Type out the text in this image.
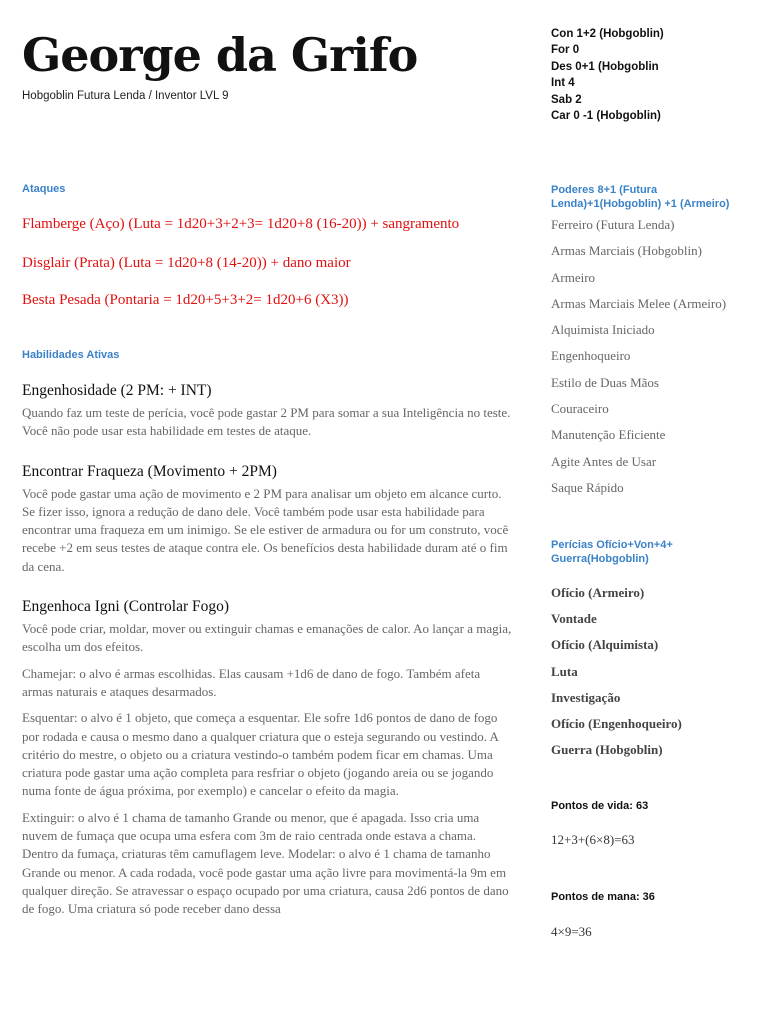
George da Grifo
Hobgoblin Futura Lenda / Inventor LVL 9
Con 1+2 (Hobgoblin)
For 0
Des 0+1 (Hobgoblin
Int 4
Sab 2
Car 0 -1 (Hobgoblin)
Ataques
Flamberge (Aço) (Luta = 1d20+3+2+3= 1d20+8 (16-20)) + sangramento
Disglair (Prata) (Luta = 1d20+8 (14-20)) + dano maior
Besta Pesada (Pontaria = 1d20+5+3+2= 1d20+6 (X3))
Habilidades Ativas
Engenhosidade (2 PM: + INT)

Quando faz um teste de perícia, você pode gastar 2 PM para somar a sua Inteligência no teste. Você não pode usar esta habilidade em testes de ataque.

Encontrar Fraqueza (Movimento + 2PM)

Você pode gastar uma ação de movimento e 2 PM para analisar um objeto em alcance curto. Se fizer isso, ignora a redução de dano dele. Você também pode usar esta habilidade para encontrar uma fraqueza em um inimigo. Se ele estiver de armadura ou for um construto, você recebe +2 em seus testes de ataque contra ele. Os benefícios desta habilidade duram até o fim da cena.

Engenhoca Igni (Controlar Fogo)

Você pode criar, moldar, mover ou extinguir chamas e emanações de calor. Ao lançar a magia, escolha um dos efeitos.

Chamejar: o alvo é armas escolhidas. Elas causam +1d6 de dano de fogo. Também afeta armas naturais e ataques desarmados.

Esquentar: o alvo é 1 objeto, que começa a esquentar. Ele sofre 1d6 pontos de dano de fogo por rodada e causa o mesmo dano a qualquer criatura que o esteja segurando ou vestindo. A critério do mestre, o objeto ou a criatura vestindo-o também podem ficar em chamas. Uma criatura pode gastar uma ação completa para resfriar o objeto (jogando areia ou se jogando numa fonte de água próxima, por exemplo) e cancelar o efeito da magia.

Extinguir: o alvo é 1 chama de tamanho Grande ou menor, que é apagada. Isso cria uma nuvem de fumaça que ocupa uma esfera com 3m de raio centrada onde estava a chama. Dentro da fumaça, criaturas têm camuflagem leve. Modelar: o alvo é 1 chama de tamanho Grande ou menor. A cada rodada, você pode gastar uma ação livre para movimentá-la 9m em qualquer direção. Se atravessar o espaço ocupado por uma criatura, causa 2d6 pontos de dano de fogo. Uma criatura só pode receber dano dessa

Poderes 8+1 (Futura Lenda)+1(Hobgoblin) +1 (Armeiro)
Ferreiro (Futura Lenda)
Armas Marciais (Hobgoblin)
Armeiro
Armas Marciais Melee (Armeiro)
Alquimista Iniciado
Engenhoqueiro
Estilo de Duas Mãos
Couraceiro
Manutenção Eficiente
Agite Antes de Usar
Saque Rápido
Perícias Ofício+Von+4+ Guerra(Hobgoblin)
Ofício (Armeiro)
Vontade
Ofício (Alquimista)
Luta
Investigação
Ofício (Engenhoqueiro)
Guerra (Hobgoblin)
Pontos de vida: 63
12+3+(6×8)=63
Pontos de mana: 36
4×9=36
